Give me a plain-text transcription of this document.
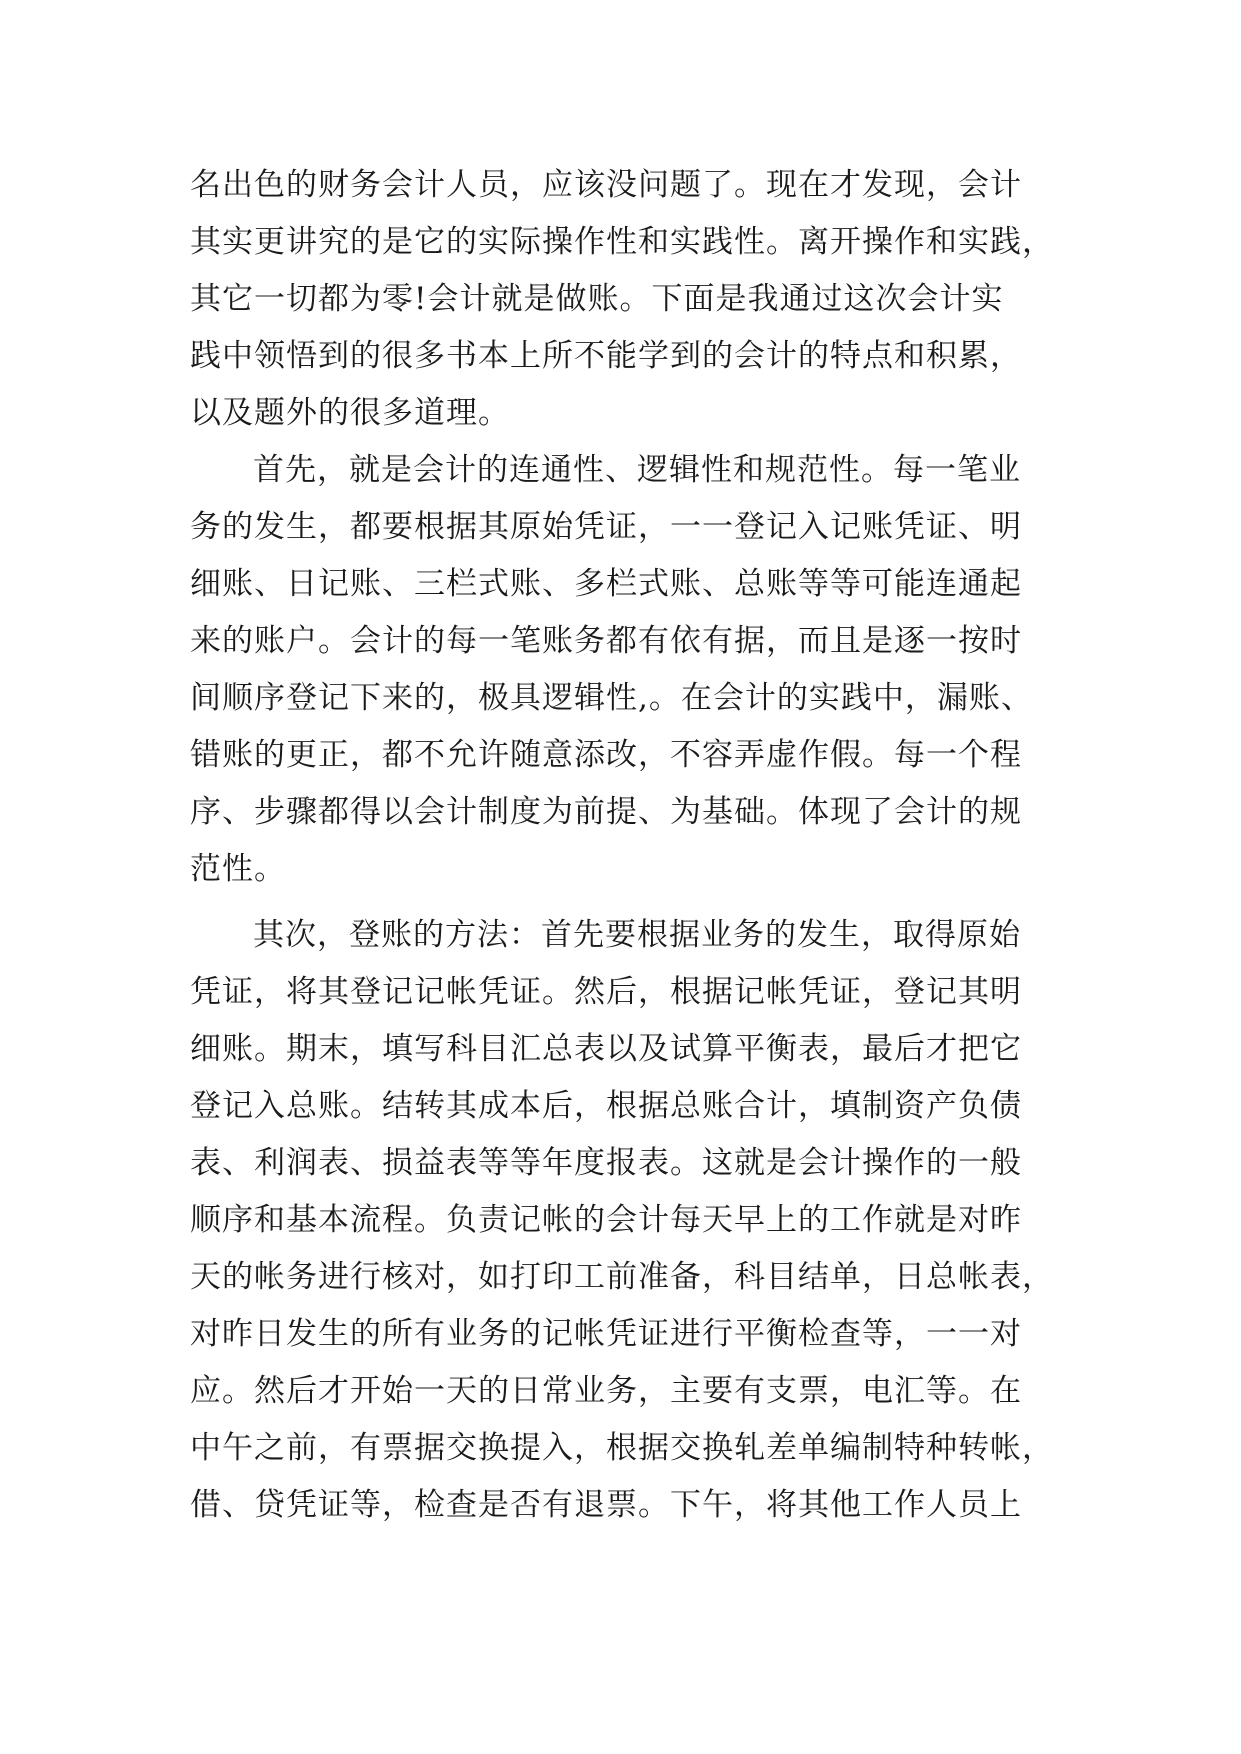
名出色的财务会计人员，应该没问题了。现在才发现，会计
其实更讲究的是它的实际操作性和实践性。离开操作和实践，
其它一切都为零!会计就是做账。下面是我通过这次会计实
践中领悟到的很多书本上所不能学到的会计的特点和积累，
以及题外的很多道理。
首先，就是会计的连通性、逻辑性和规范性。每一笔业
务的发生，都要根据其原始凭证，一一登记入记账凭证、明
细账、日记账、三栏式账、多栏式账、总账等等可能连通起
来的账户。会计的每一笔账务都有依有据，而且是逐一按时
间顺序登记下来的，极具逻辑性,。在会计的实践中，漏账、
错账的更正，都不允许随意添改，不容弄虚作假。每一个程
序、步骤都得以会计制度为前提、为基础。体现了会计的规
范性。
其次，登账的方法：首先要根据业务的发生，取得原始
凭证，将其登记记帐凭证。然后，根据记帐凭证，登记其明
细账。期末，填写科目汇总表以及试算平衡表，最后才把它
登记入总账。结转其成本后，根据总账合计，填制资产负债
表、利润表、损益表等等年度报表。这就是会计操作的一般
顺序和基本流程。负责记帐的会计每天早上的工作就是对昨
天的帐务进行核对，如打印工前准备，科目结单，日总帐表，
对昨日发生的所有业务的记帐凭证进行平衡检查等，一一对
应。然后才开始一天的日常业务，主要有支票，电汇等。在
中午之前，有票据交换提入，根据交换轧差单编制特种转帐，
借、贷凭证等，检查是否有退票。下午，将其他工作人员上
